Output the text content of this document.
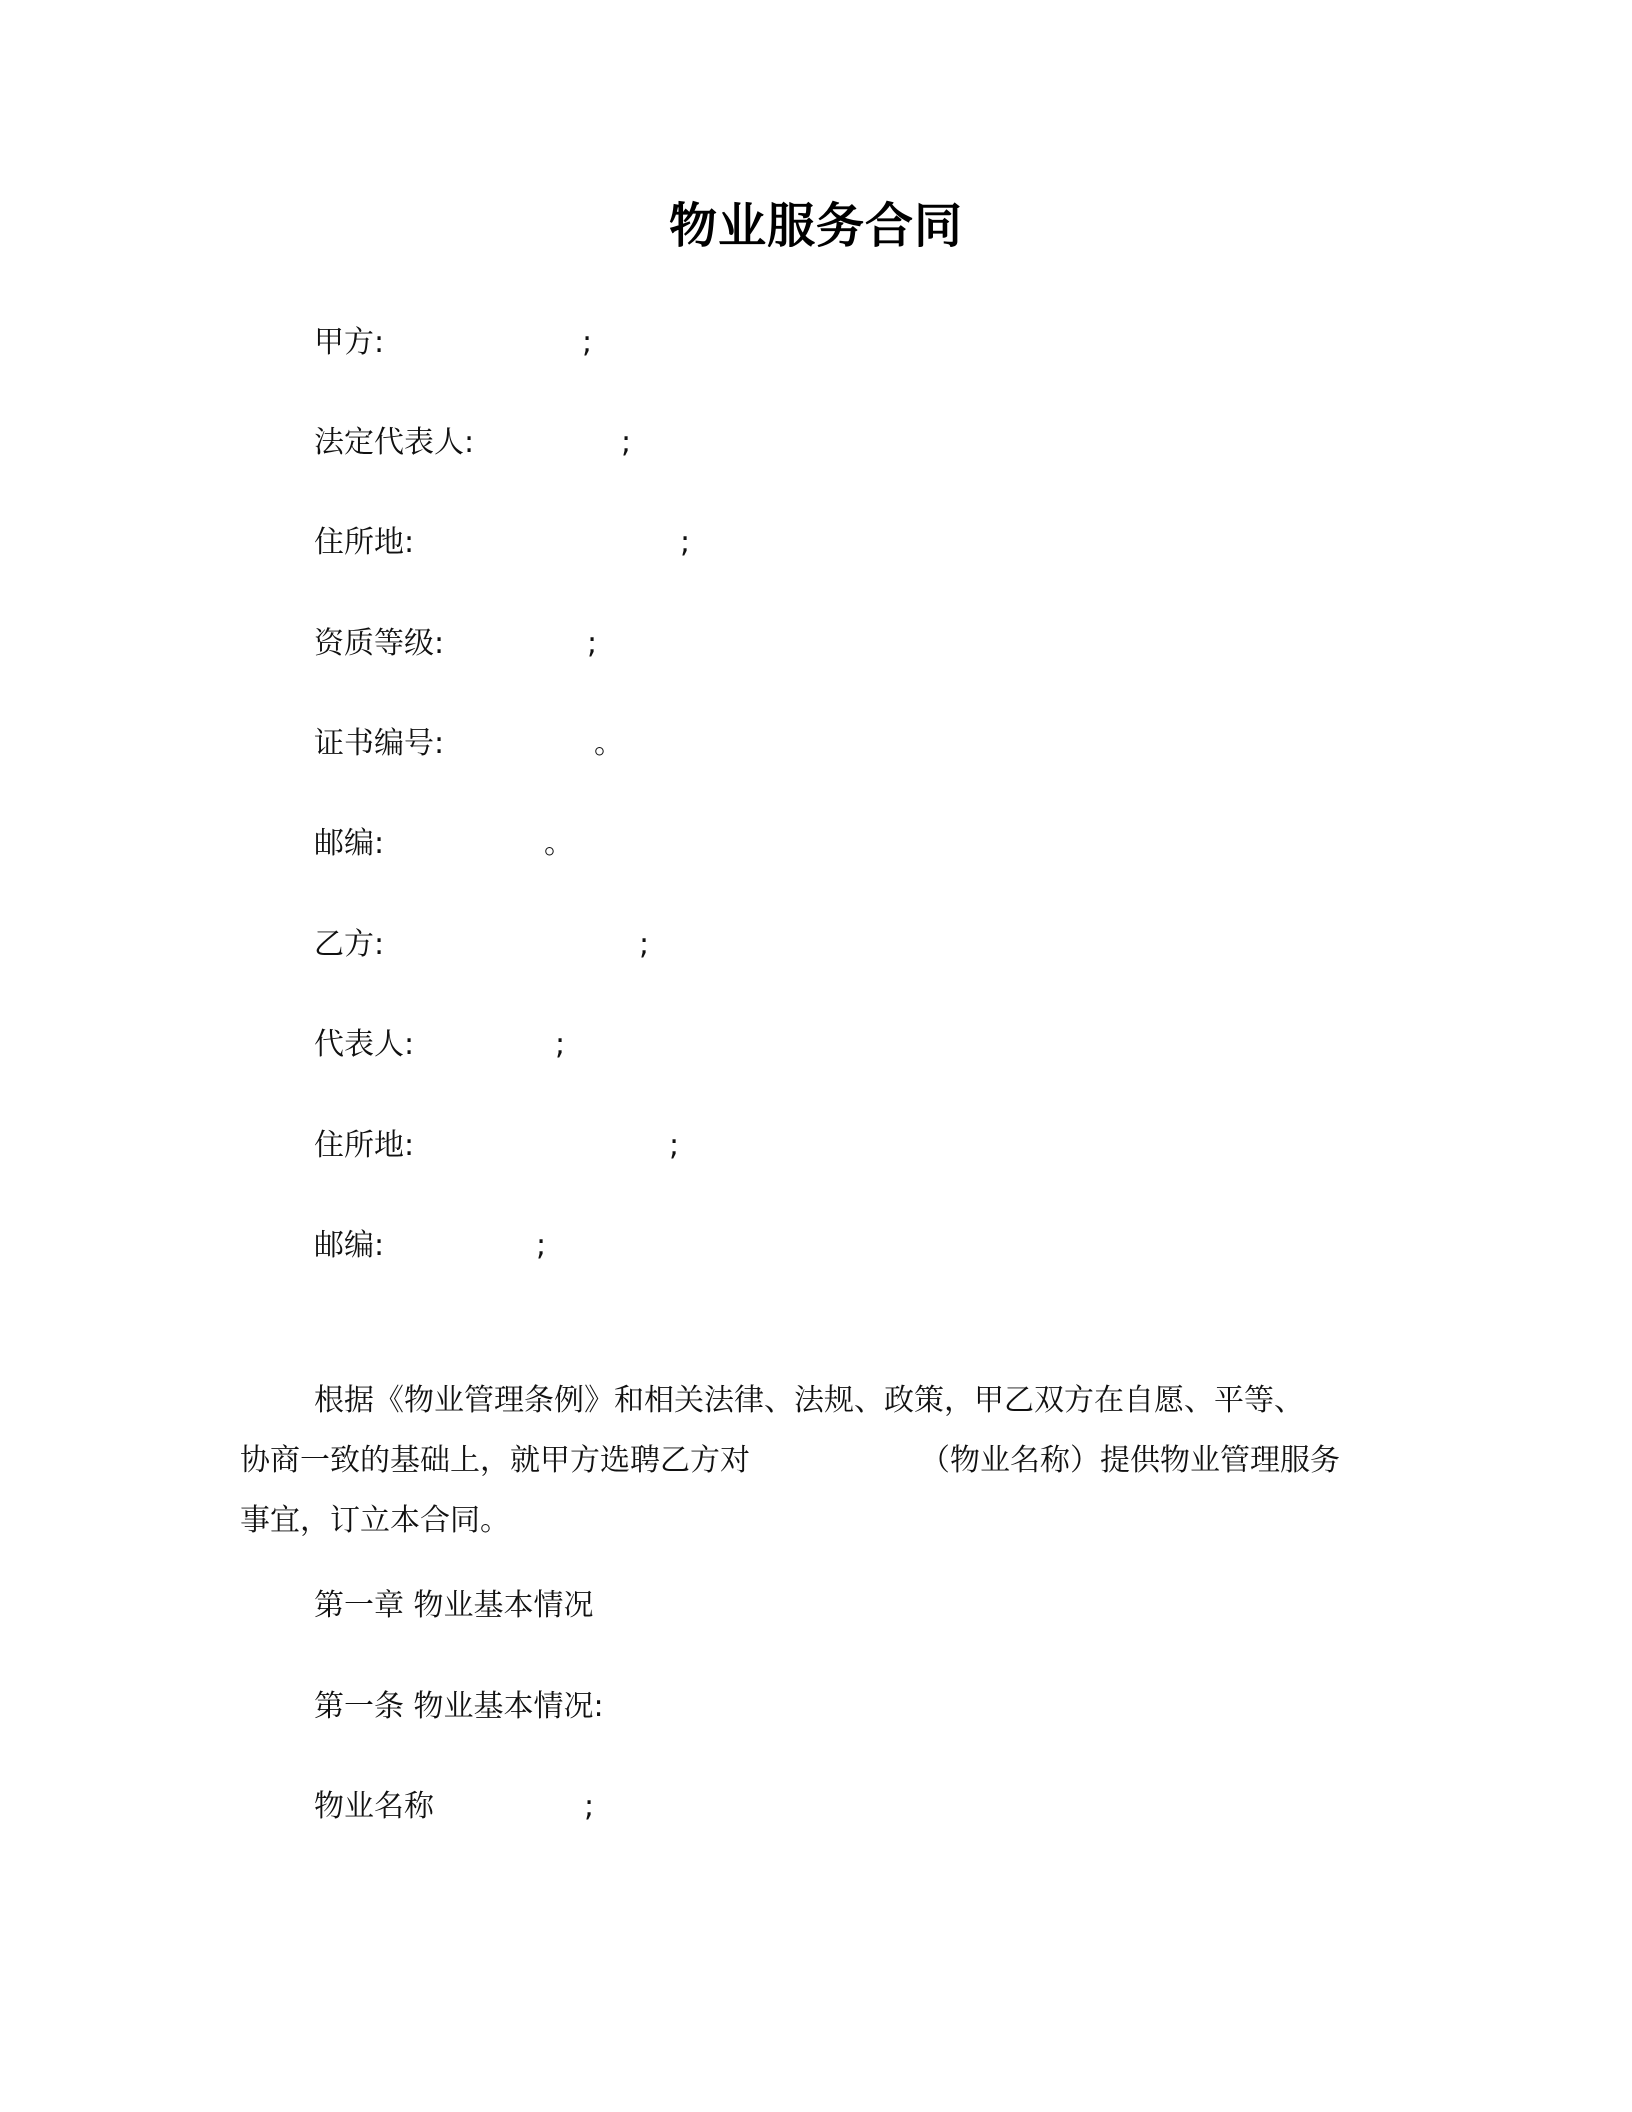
物业服务合同
甲方:	;
法定代表人:	;
住所地:	;
资质等级:	;
证书编号:	。
邮编:	。
乙方:	;
代表人:	;
住所地:	;
邮编:	;
根据《物业管理条例》和相关法律、法规、政策，甲乙双方在自愿、平等、
协商一致的基础上，就甲方选聘乙方对	（物业名称）提供物业管理服务
事宜，订立本合同。
第一章 物业基本情况
第一条 物业基本情况:
物业名称	;
